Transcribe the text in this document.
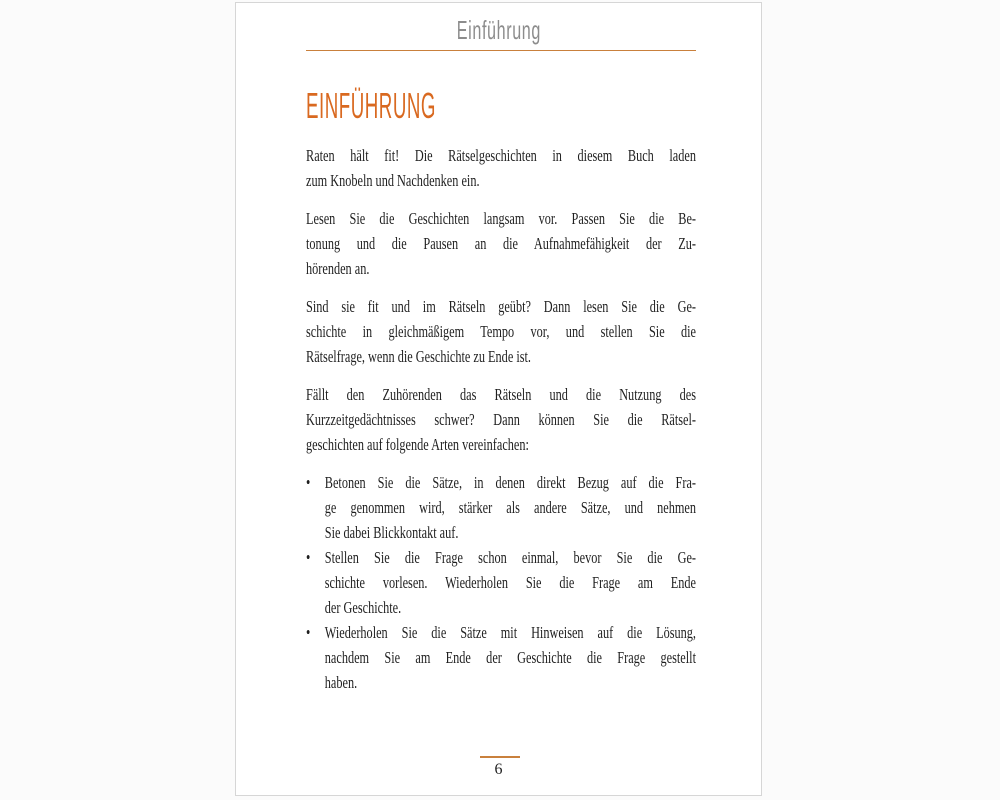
Einführung
EINFÜHRUNG
Raten hält fit! Die Rätselgeschichten in diesem Buch laden
zum Knobeln und Nachdenken ein.
Lesen Sie die Geschichten langsam vor. Passen Sie die Be-
tonung und die Pausen an die Aufnahmefähigkeit der Zu-
hörenden an.
Sind sie fit und im Rätseln geübt? Dann lesen Sie die Ge-
schichte in gleichmäßigem Tempo vor, und stellen Sie die
Rätselfrage, wenn die Geschichte zu Ende ist.
Fällt den Zuhörenden das Rätseln und die Nutzung des
Kurzzeitgedächtnisses schwer? Dann können Sie die Rätsel-
geschichten auf folgende Arten vereinfachen:
• Betonen Sie die Sätze, in denen direkt Bezug auf die Fra-
ge genommen wird, stärker als andere Sätze, und nehmen
Sie dabei Blickkontakt auf.
• Stellen Sie die Frage schon einmal, bevor Sie die Ge-
schichte vorlesen. Wiederholen Sie die Frage am Ende
der Geschichte.
• Wiederholen Sie die Sätze mit Hinweisen auf die Lösung,
nachdem Sie am Ende der Geschichte die Frage gestellt
haben.
6
